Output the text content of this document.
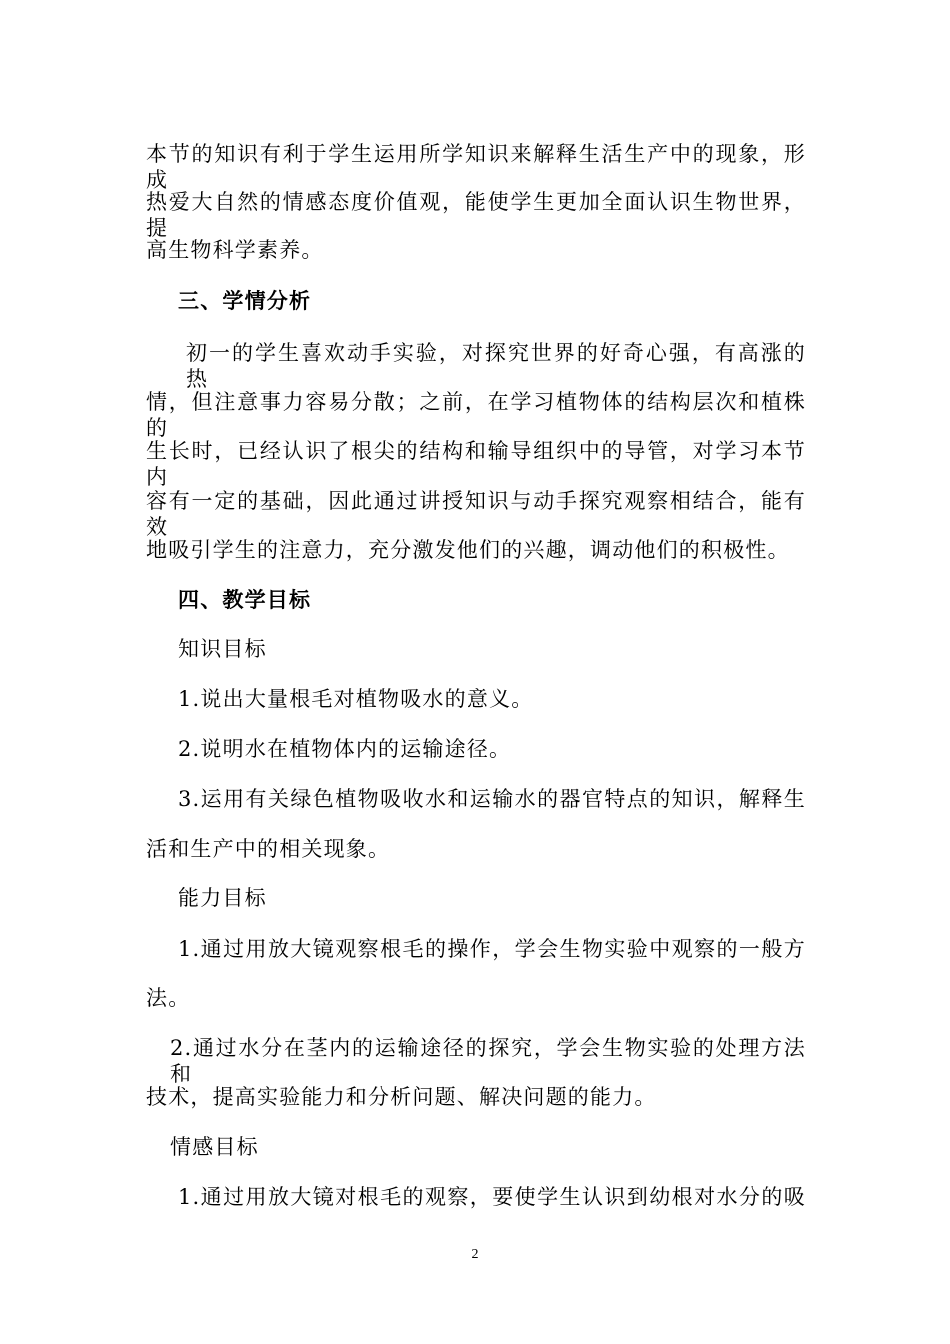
本节的知识有利于学生运用所学知识来解释生活生产中的现象，形成
热爱大自然的情感态度价值观，能使学生更加全面认识生物世界，提
高生物科学素养。
三、学情分析
初一的学生喜欢动手实验，对探究世界的好奇心强，有高涨的热
情，但注意事力容易分散；之前，在学习植物体的结构层次和植株的
生长时，已经认识了根尖的结构和输导组织中的导管，对学习本节内
容有一定的基础，因此通过讲授知识与动手探究观察相结合，能有效
地吸引学生的注意力，充分激发他们的兴趣，调动他们的积极性。
四、教学目标
知识目标
1.说出大量根毛对植物吸水的意义。
2.说明水在植物体内的运输途径。
3.运用有关绿色植物吸收水和运输水的器官特点的知识，解释生
活和生产中的相关现象。
能力目标
1.通过用放大镜观察根毛的操作，学会生物实验中观察的一般方
法。
2.通过水分在茎内的运输途径的探究，学会生物实验的处理方法和
技术，提高实验能力和分析问题、解决问题的能力。
情感目标
1.通过用放大镜对根毛的观察，要使学生认识到幼根对水分的吸
2
